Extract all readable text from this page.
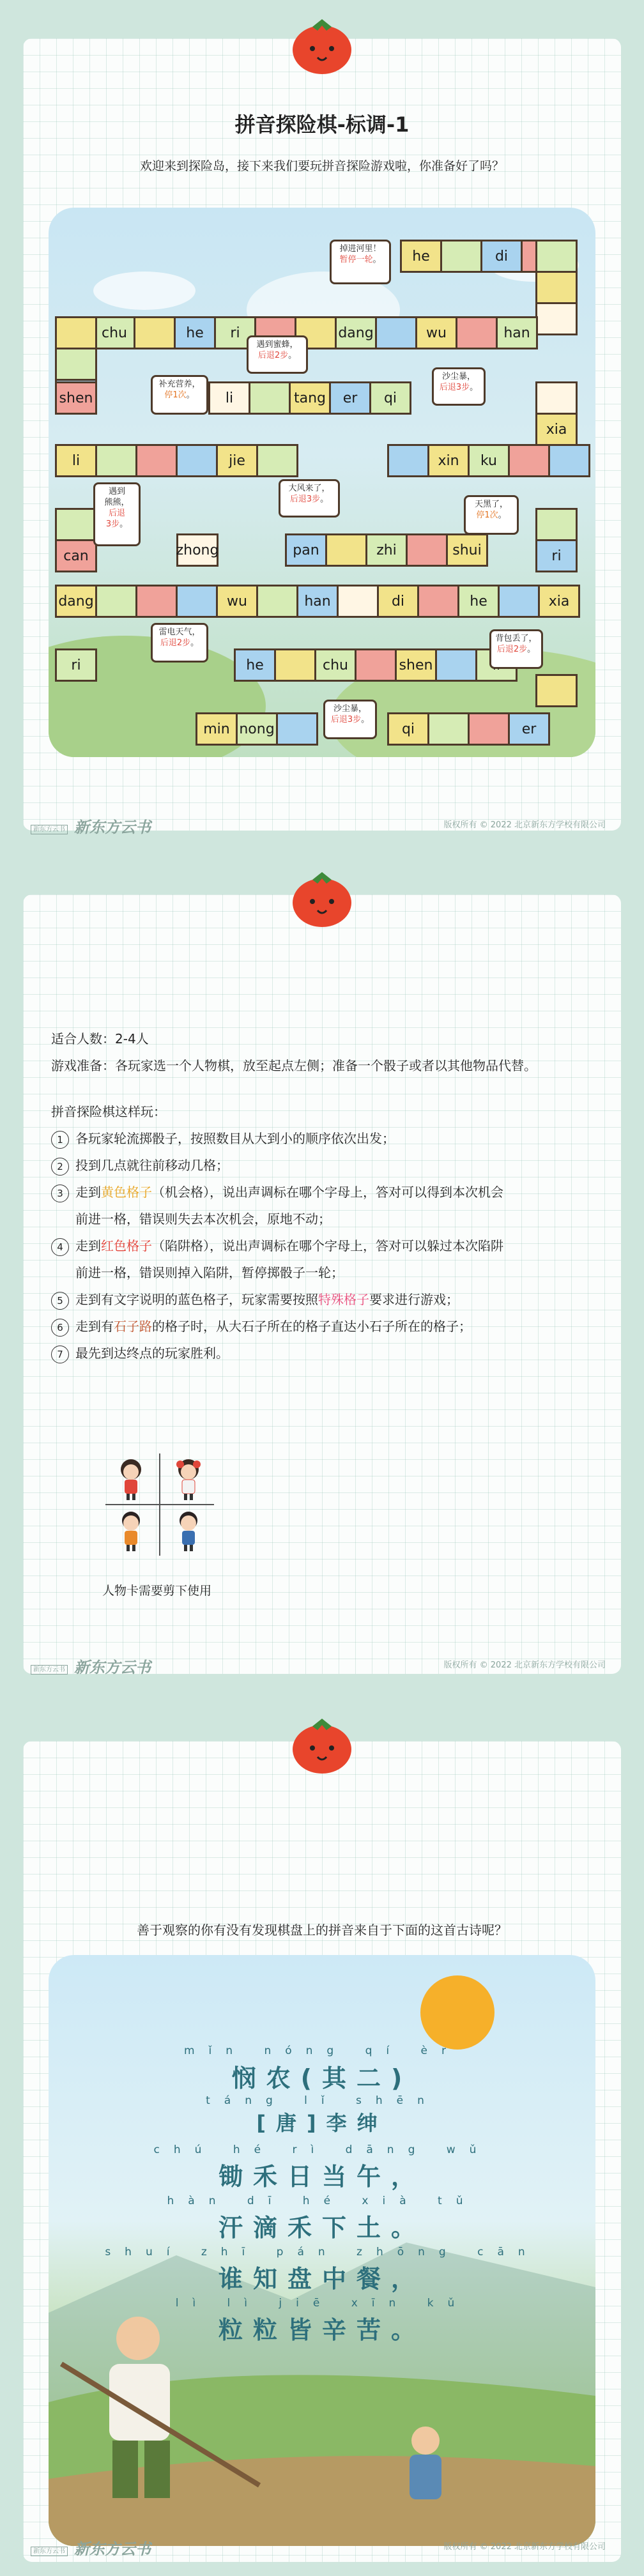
拼音探险棋-标调-1
欢迎来到探险岛，接下来我们要玩拼音探险游戏啦，你准备好了吗？
he	di
掉进河里！
暂停一轮。
chu	he	ri	dang	wu	han
shen	li	tang	er	qi
遇到蜜蜂，
后退2步。
补充营养，
停1次。
沙尘暴，
后退3步。
xia
li	jie	xin	ku
can
遇到
熊熊，
后退
3步。
zhong
大风来了，
后退3步。
pan	zhi	shui
天黑了，
停1次。
ri
dang	wu	han	di	he	xia
ri
雷电天气，
后退2步。
he	chu	shen
背包丢了，
后退2步。
min nong
沙尘暴，
后退3步。
qi	er
新东方云书 新东方云书	版权所有 © 2022 北京新东方学校有限公司

适合人数：2-4人

游戏准备：各玩家选一个人物棋，放至起点左侧；准备一个骰子或者以其他物品代替。

拼音探险棋这样玩：

1 各玩家轮流掷骰子，按照数目从大到小的顺序依次出发；

2 投到几点就往前移动几格；

3 走到黄色格子（机会格），说出声调标在哪个字母上，答对可以得到本次机会

前进一格，错误则失去本次机会，原地不动；

4 走到红色格子（陷阱格），说出声调标在哪个字母上，答对可以躲过本次陷阱

前进一格，错误则掉入陷阱，暂停掷骰子一轮；

5 走到有文字说明的蓝色格子，玩家需要按照特殊格子要求进行游戏；

6 走到有石子路的格子时，从大石子所在的格子直达小石子所在的格子；

7 最先到达终点的玩家胜利。

人物卡需要剪下使用
新东方云书 新东方云书	版权所有 © 2022 北京新东方学校有限公司
善于观察的你有没有发现棋盘上的拼音来自于下面的这首古诗呢？
mǐn nóng qí èr
悯农(其二)
táng lǐ shēn
[唐]李绅
chú hé rì dāng wǔ
锄禾日当午，
hàn dī hé xià tǔ
汗滴禾下土。
shuí zhī pán zhōng cān
谁知盘中餐，
lì lì jiē xīn kǔ
粒粒皆辛苦。
新东方云书 新东方云书	版权所有 © 2022 北京新东方学校有限公司
